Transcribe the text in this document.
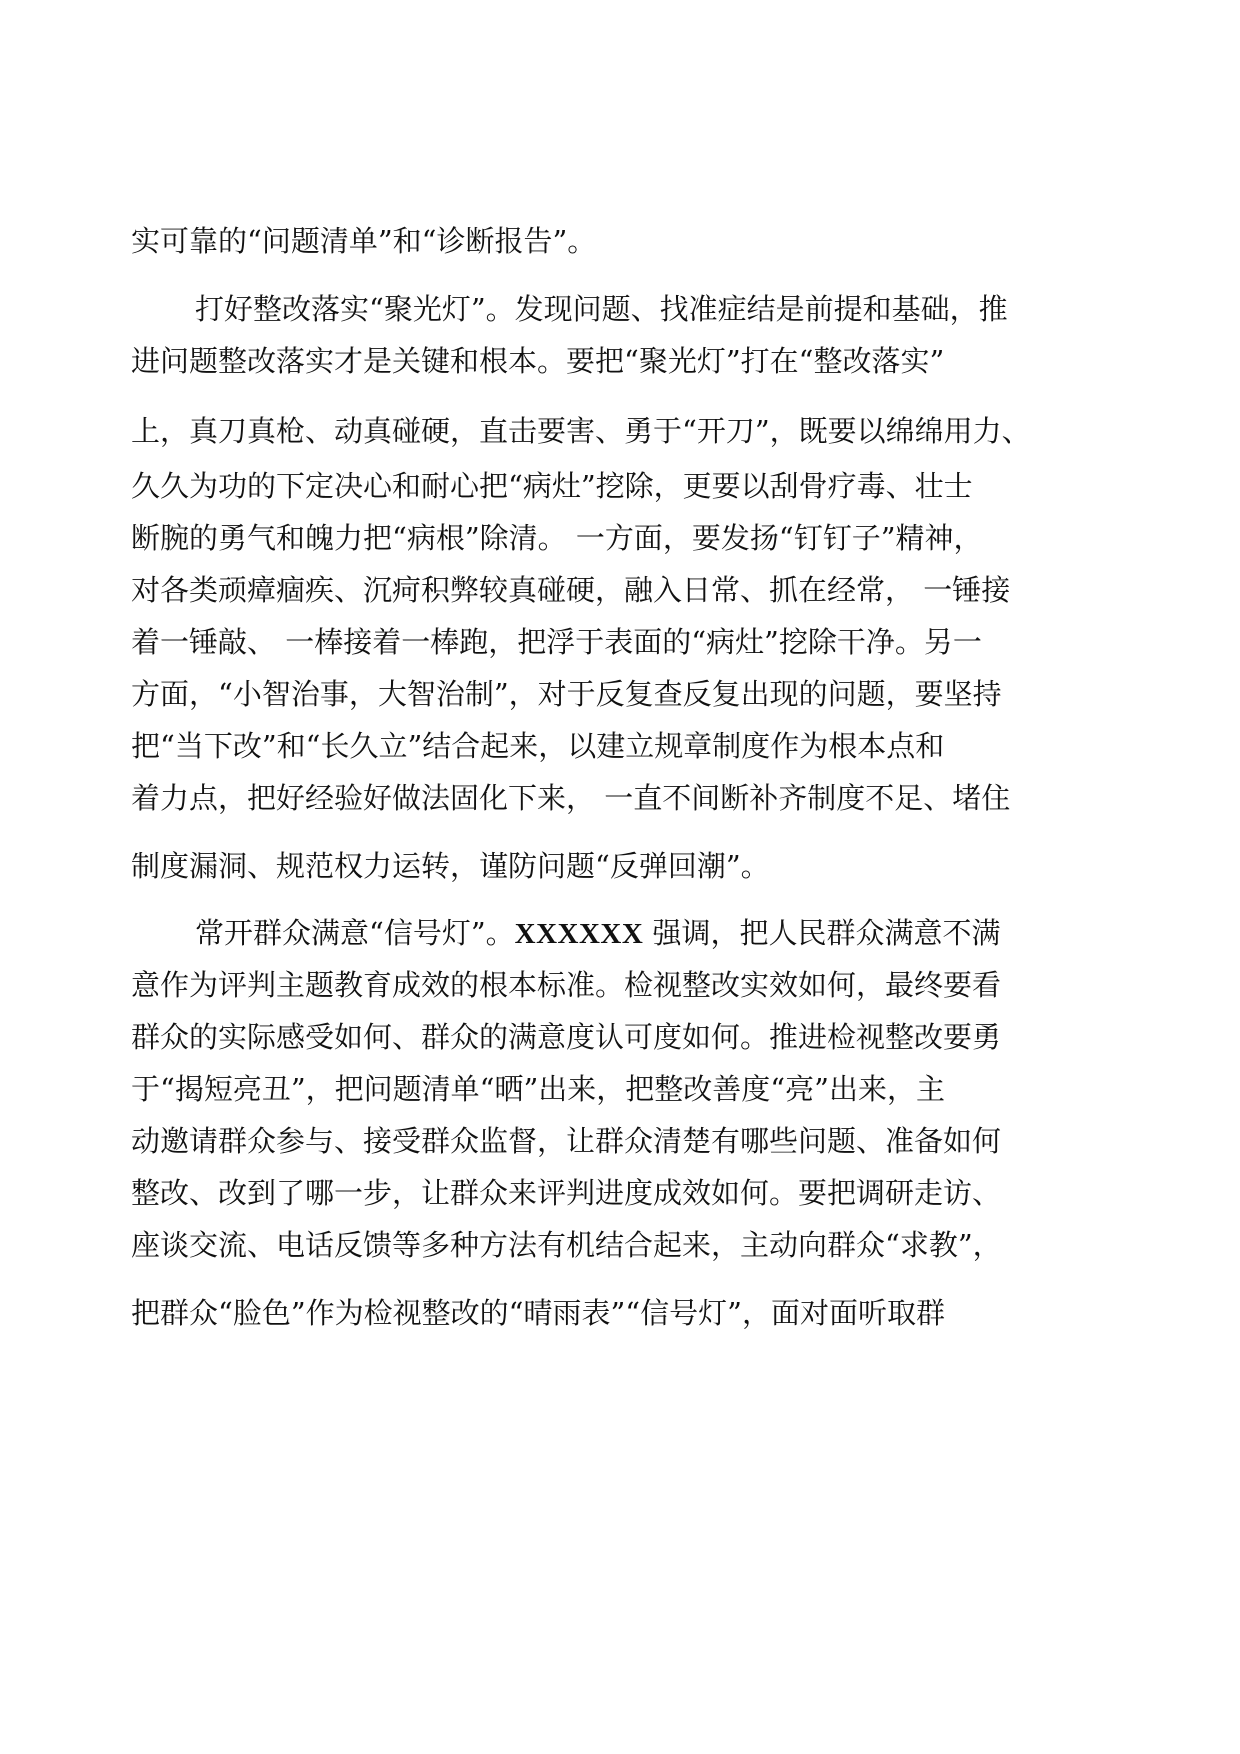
实可靠的“问题清单”和“诊断报告”。
打好整改落实“聚光灯”。发现问题、找准症结是前提和基础，推
进问题整改落实才是关键和根本。要把“聚光灯”打在“整改落实”
上，真刀真枪、动真碰硬，直击要害、勇于“开刀”，既要以绵绵用力、
久久为功的下定决心和耐心把“病灶”挖除，更要以刮骨疗毒、壮士
断腕的勇气和魄力把“病根”除清。 一方面，要发扬“钉钉子”精神，
对各类顽瘴痼疾、沉疴积弊较真碰硬，融入日常、抓在经常， 一锤接
着一锤敲、 一棒接着一棒跑，把浮于表面的“病灶”挖除干净。另一
方面，“小智治事，大智治制”，对于反复查反复出现的问题，要坚持
把“当下改”和“长久立”结合起来，以建立规章制度作为根本点和
着力点，把好经验好做法固化下来， 一直不间断补齐制度不足、堵住
制度漏洞、规范权力运转，谨防问题“反弹回潮”。
常开群众满意“信号灯”。XXXXXX 强调，把人民群众满意不满
意作为评判主题教育成效的根本标准。检视整改实效如何，最终要看
群众的实际感受如何、群众的满意度认可度如何。推进检视整改要勇
于“揭短亮丑”，把问题清单“晒”出来，把整改善度“亮”出来，主
动邀请群众参与、接受群众监督，让群众清楚有哪些问题、准备如何
整改、改到了哪一步，让群众来评判进度成效如何。要把调研走访、
座谈交流、电话反馈等多种方法有机结合起来，主动向群众“求教”，
把群众“脸色”作为检视整改的“晴雨表”“信号灯”，面对面听取群
